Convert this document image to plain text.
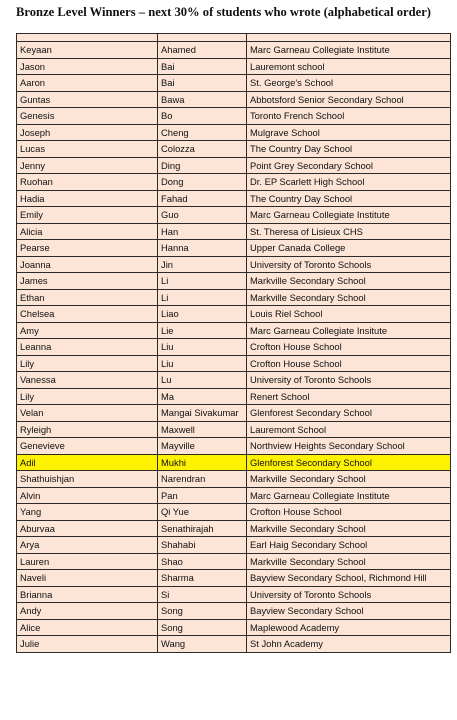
Bronze Level Winners – next 30% of students who wrote (alphabetical order)

Keyaan	Ahamed	Marc Garneau Collegiate Institute
Jason	Bai	Lauremont school
Aaron	Bai	St. George's School
Guntas	Bawa	Abbotsford Senior Secondary School
Genesis	Bo	Toronto French School
Joseph	Cheng	Mulgrave School
Lucas	Colozza	The Country Day School
Jenny	Ding	Point Grey Secondary School
Ruohan	Dong	Dr. EP Scarlett High School
Hadia	Fahad	The Country Day School
Emily	Guo	Marc Garneau Collegiate Institute
Alicia	Han	St. Theresa of Lisieux CHS
Pearse	Hanna	Upper Canada College
Joanna	Jin	University of Toronto Schools
James	Li	Markville Secondary School
Ethan	Li	Markville Secondary School
Chelsea	Liao	Louis Riel School
Amy	Lie	Marc Garneau Collegiate Insitute
Leanna	Liu	Crofton House School
Lily	Liu	Crofton House School
Vanessa	Lu	University of Toronto Schools
Lily	Ma	Renert School
Velan	Mangai Sivakumar	Glenforest Secondary School
Ryleigh	Maxwell	Lauremont School
Genevieve	Mayville	Northview Heights Secondary School
Adil	Mukhi	Glenforest Secondary School
Shathuishjan	Narendran	Markville Secondary School
Alvin	Pan	Marc Garneau Collegiate Institute
Yang	Qi Yue	Crofton House School
Aburvaa	Senathirajah	Markville Secondary School
Arya	Shahabi	Earl Haig Secondary School
Lauren	Shao	Markville Secondary School
Naveli	Sharma	Bayview Secondary School, Richmond Hill
Brianna	Si	University of Toronto Schools
Andy	Song	Bayview Secondary School
Alice	Song	Maplewood Academy
Julie	Wang	St John Academy
